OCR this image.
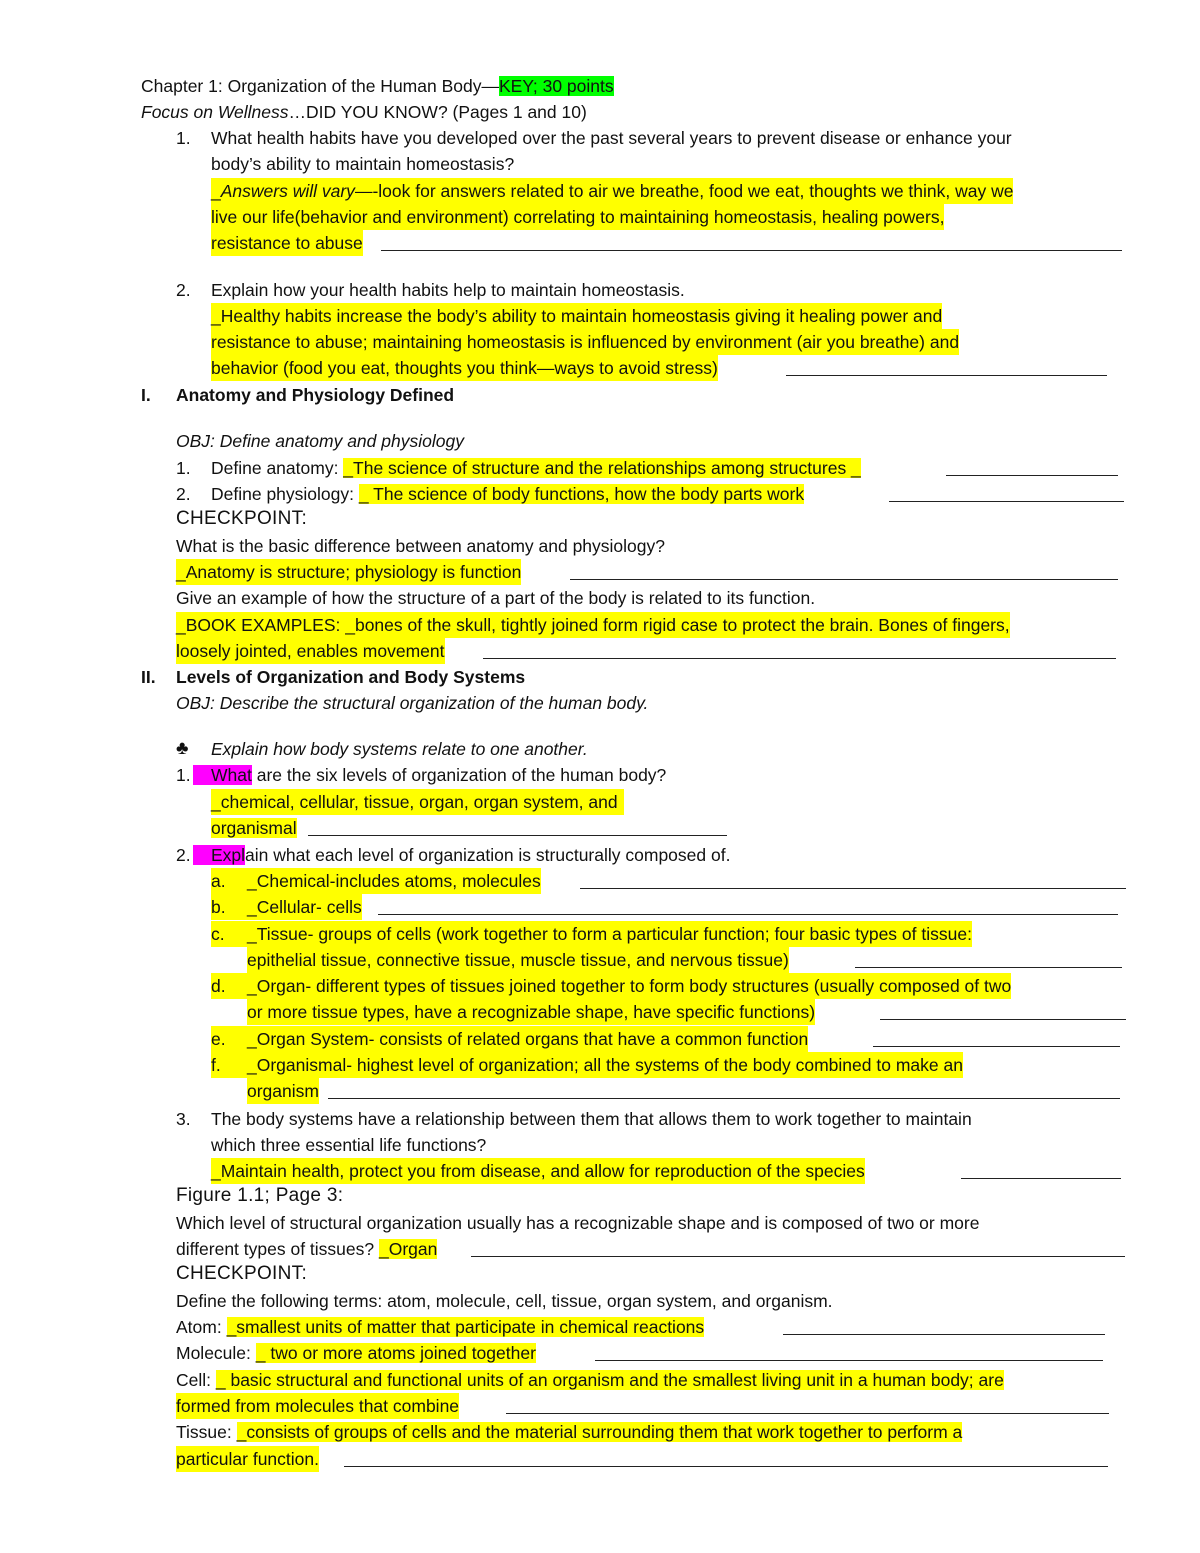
Chapter 1: Organization of the Human Body—KEY; 30 points
Focus on Wellness…DID YOU KNOW? (Pages 1 and 10)
1. What health habits have you developed over the past several years to prevent disease or enhance your
body’s ability to maintain homeostasis?
_Answers will vary—-look for answers related to air we breathe, food we eat, thoughts we think, way we
live our life(behavior and environment) correlating to maintaining homeostasis, healing powers,
resistance to abuse
2. Explain how your health habits help to maintain homeostasis.
_Healthy habits increase the body’s ability to maintain homeostasis giving it healing power and
resistance to abuse; maintaining homeostasis is influenced by environment (air you breathe) and
behavior (food you eat, thoughts you think—ways to avoid stress)
I. Anatomy and Physiology Defined
OBJ: Define anatomy and physiology
1. Define anatomy: _The science of structure and the relationships among structures _
2. Define physiology: _ The science of body functions, how the body parts work
CHECKPOINT:
What is the basic difference between anatomy and physiology?
_Anatomy is structure; physiology is function
Give an example of how the structure of a part of the body is related to its function.
_BOOK EXAMPLES: _bones of the skull, tightly joined form rigid case to protect the brain. Bones of fingers,
loosely jointed, enables movement
II. Levels of Organization and Body Systems
OBJ: Describe the structural organization of the human body.
♣ Explain how body systems relate to one another.
1.	What are the six levels of organization of the human body?
_chemical, cellular, tissue, organ, organ system, and
organismal
2.	Explain what each level of organization is structurally composed of.
a.	_Chemical-includes atoms, molecules
b.	_Cellular- cells
c.	_Tissue- groups of cells (work together to form a particular function; four basic types of tissue:
epithelial tissue, connective tissue, muscle tissue, and nervous tissue)
d.	_Organ- different types of tissues joined together to form body structures (usually composed of two
or more tissue types, have a recognizable shape, have specific functions)
e.	_Organ System- consists of related organs that have a common function
f.	_Organismal- highest level of organization; all the systems of the body combined to make an
organism
3. The body systems have a relationship between them that allows them to work together to maintain
which three essential life functions?
_Maintain health, protect you from disease, and allow for reproduction of the species
Figure 1.1; Page 3:
Which level of structural organization usually has a recognizable shape and is composed of two or more
different types of tissues? _Organ
CHECKPOINT:
Define the following terms: atom, molecule, cell, tissue, organ system, and organism.
Atom: _smallest units of matter that participate in chemical reactions
Molecule: _ two or more atoms joined together
Cell: _ basic structural and functional units of an organism and the smallest living unit in a human body; are
formed from molecules that combine
Tissue: _consists of groups of cells and the material surrounding them that work together to perform a
particular function.
